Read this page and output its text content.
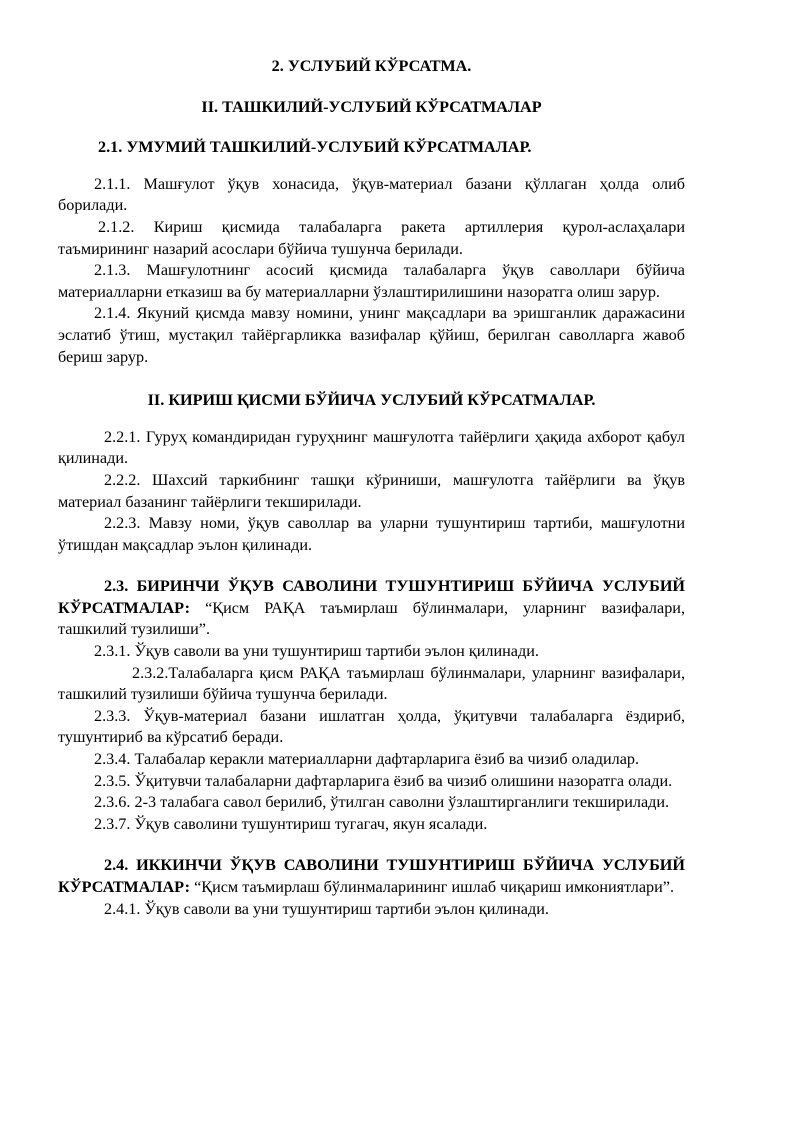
2. УСЛУБИЙ КЎРСАТМА.
II. ТАШКИЛИЙ-УСЛУБИЙ КЎРСАТМАЛАР
2.1. УМУМИЙ ТАШКИЛИЙ-УСЛУБИЙ КЎРСАТМАЛАР.

2.1.1. Машғулот ўқув хонасида, ўқув-материал базани қўллаган ҳолда олиб борилади.

2.1.2. Кириш қисмида талабаларга ракета артиллерия қурол-аслаҳалари таъмирининг назарий асослари бўйича тушунча берилади.

2.1.3. Машғулотнинг асосий қисмида талабаларга ўқув саволлари бўйича материалларни етказиш ва бу материалларни ўзлаштирилишини назоратга олиш зарур.

2.1.4. Якуний қисмда мавзу номини, унинг мақсадлари ва эришганлик даражасини эслатиб ўтиш, мустақил тайёргарликка вазифалар қўйиш, берилган саволларга жавоб бериш зарур.

II. КИРИШ ҚИСМИ БЎЙИЧА УСЛУБИЙ КЎРСАТМАЛАР.

2.2.1. Гуруҳ командиридан гуруҳнинг машғулотга тайёрлиги ҳақида ахборот қабул қилинади.

2.2.2. Шахсий таркибнинг ташқи кўриниши, машғулотга тайёрлиги ва ўқув материал базанинг тайёрлиги текширилади.

2.2.3. Мавзу номи, ўқув саволлар ва уларни тушунтириш тартиби, машғулотни ўтишдан мақсадлар эълон қилинади.

2.3. БИРИНЧИ ЎҚУВ САВОЛИНИ ТУШУНТИРИШ БЎЙИЧА УСЛУБИЙ КЎРСАТМАЛАР: “Қисм РАҚА таъмирлаш бўлинмалари, уларнинг вазифалари, ташкилий тузилиши”.

2.3.1. Ўқув саволи ва уни тушунтириш тартиби эълон қилинади.

2.3.2.Талабаларга қисм РАҚА таъмирлаш бўлинмалари, уларнинг вазифалари, ташкилий тузилиши бўйича тушунча берилади.

2.3.3. Ўқув-материал базани ишлатган ҳолда, ўқитувчи талабаларга ёздириб, тушунтириб ва кўрсатиб беради.

2.3.4. Талабалар керакли материалларни дафтарларига ёзиб ва чизиб оладилар.

2.3.5. Ўқитувчи талабаларни дафтарларига ёзиб ва чизиб олишини назоратга олади.

2.3.6. 2-3 талабага савол берилиб, ўтилган саволни ўзлаштирганлиги текширилади.

2.3.7. Ўқув саволини тушунтириш тугагач, якун ясалади.

2.4. ИККИНЧИ ЎҚУВ САВОЛИНИ ТУШУНТИРИШ БЎЙИЧА УСЛУБИЙ КЎРСАТМАЛАР: “Қисм таъмирлаш бўлинмаларининг ишлаб чиқариш имкониятлари”.

2.4.1. Ўқув саволи ва уни тушунтириш тартиби эълон қилинади.
